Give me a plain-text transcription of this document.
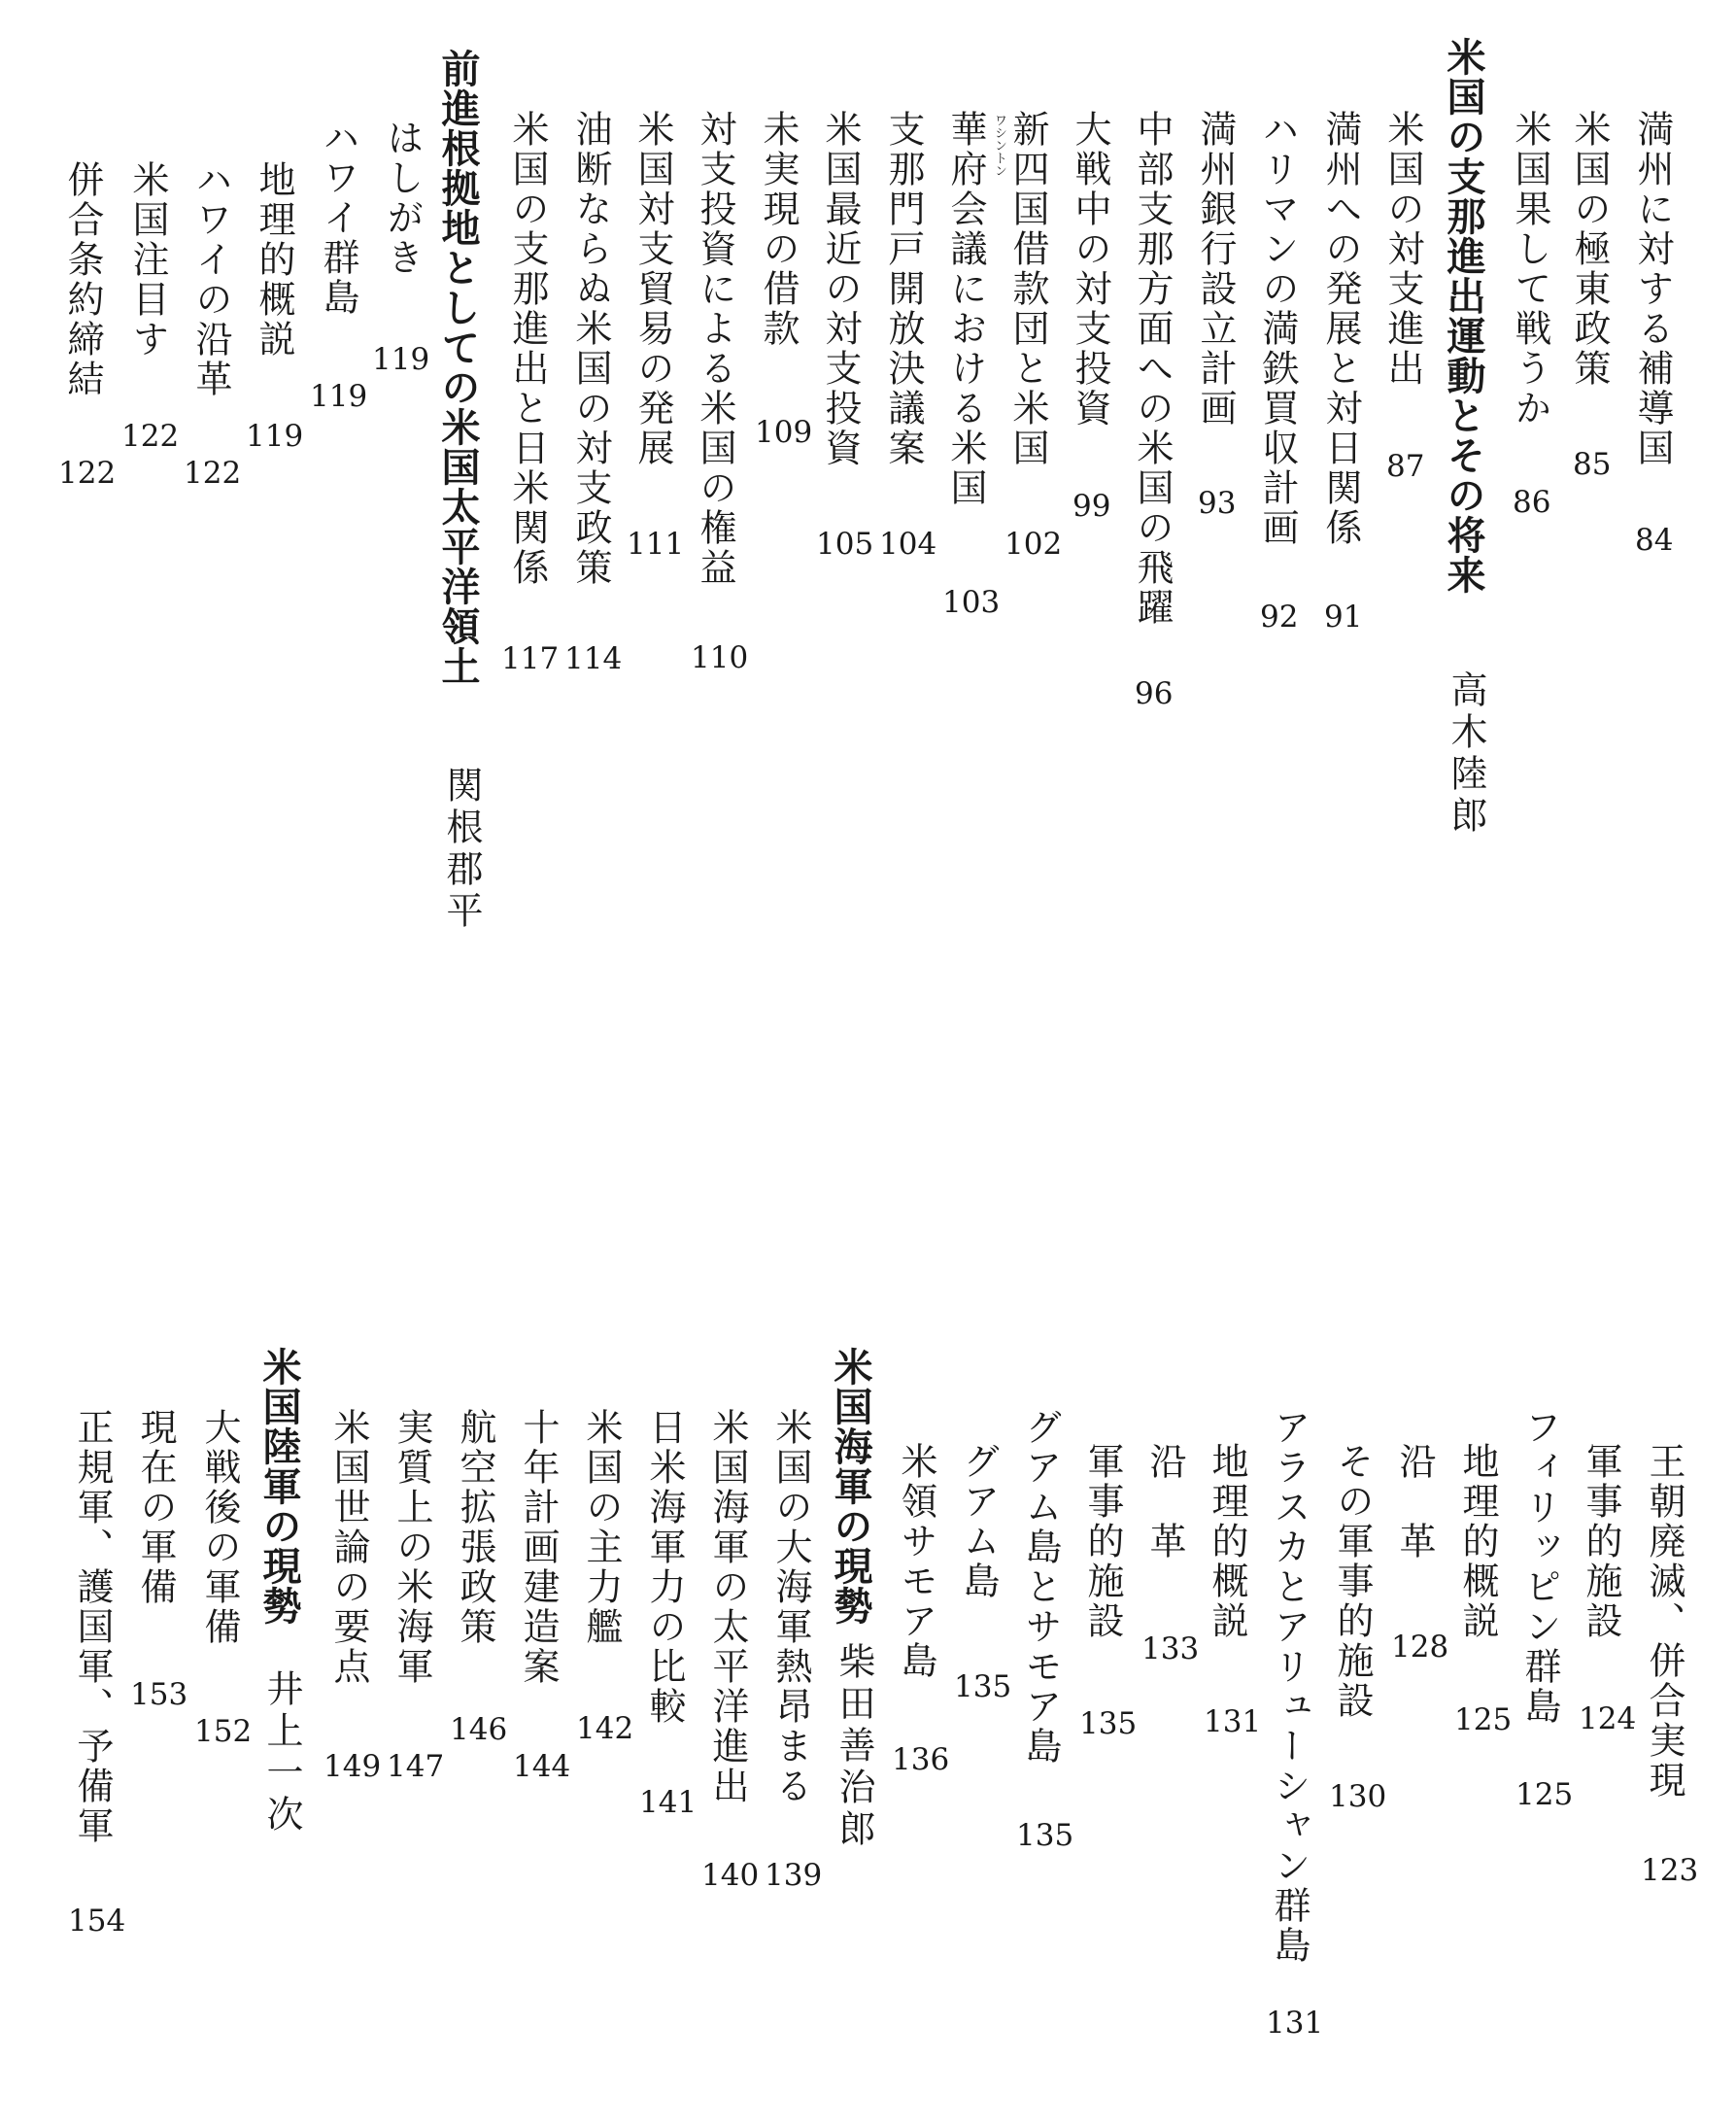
満州に対する補導国
84
米国の極東政策
85
米国果して戦うか
86
米国の支那進出運動とその将来
高木陸郎
米国の対支進出
87
満州への発展と対日関係
91
ハリマンの満鉄買収計画
92
満州銀行設立計画
93
中部支那方面への米国の飛躍
96
大戦中の対支投資
99
新四国借款団と米国
102
ワシントン
華府会議における米国
103
支那門戸開放決議案
104
米国最近の対支投資
105
未実現の借款
109
対支投資による米国の権益
110
米国対支貿易の発展
111
油断ならぬ米国の対支政策
114
米国の支那進出と日米関係
117
前進根拠地としての米国太平洋領土
関根郡平
はしがき
119
ハワイ群島
119
地理的概説
119
ハワイの沿革
122
米国注目す
122
併合条約締結
122
王朝廃滅、併合実現
123
軍事的施設
124
フィリッピン群島
125
地理的概説
125
沿　革
128
その軍事的施設
130
アラスカとアリューシャン群島
131
地理的概説
131
沿　革
133
軍事的施設
135
グアム島とサモア島
135
グアム島
135
米領サモア島
136
米国海軍の現勢
柴田善治郎
米国の大海軍熱昂まる
139
米国海軍の太平洋進出
140
日米海軍力の比較
141
米国の主力艦
142
十年計画建造案
144
航空拡張政策
146
実質上の米海軍
147
米国世論の要点
149
米国陸軍の現勢
井上一次
大戦後の軍備
152
現在の軍備
153
正規軍、護国軍、予備軍
154
